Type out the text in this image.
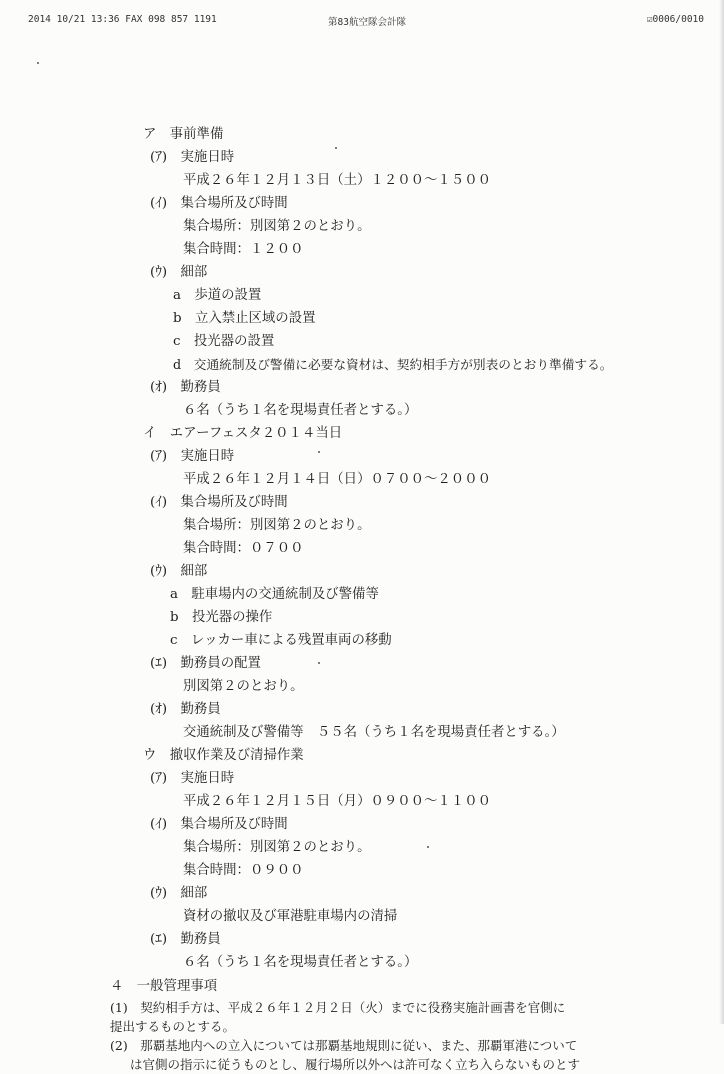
2014 10/21 13:36 FAX 098 857 1191	第83航空隊会計隊	☑0006/0010
ア　事前準備
(ｱ)　実施日時
平成２６年１２月１３日（土）１２００～１５００
(ｲ)　集合場所及び時間
集合場所：別図第２のとおり。
集合時間：１２００
(ｳ)　細部
a　歩道の設置
b　立入禁止区域の設置
c　投光器の設置
d　交通統制及び警備に必要な資材は、契約相手方が別表のとおり準備する。
(ｵ)　勤務員
６名（うち１名を現場責任者とする。）
イ　エアーフェスタ２０１４当日
(ｱ)　実施日時
平成２６年１２月１４日（日）０７００～２０００
(ｲ)　集合場所及び時間
集合場所：別図第２のとおり。
集合時間：０７００
(ｳ)　細部
a　駐車場内の交通統制及び警備等
b　投光器の操作
c　レッカー車による残置車両の移動
(ｴ)　勤務員の配置
別図第２のとおり。
(ｵ)　勤務員
交通統制及び警備等　５５名（うち１名を現場責任者とする。）
ウ　撤収作業及び清掃作業
(ｱ)　実施日時
平成２６年１２月１５日（月）０９００～１１００
(ｲ)　集合場所及び時間
集合場所：別図第２のとおり。
集合時間：０９００
(ｳ)　細部
資材の撤収及び軍港駐車場内の清掃
(ｴ)　勤務員
６名（うち１名を現場責任者とする。）
４　一般管理事項
(1)　契約相手方は、平成２６年１２月２日（火）までに役務実施計画書を官側に
提出するものとする。
(2)　那覇基地内への立入については那覇基地規則に従い、また、那覇軍港について
は官側の指示に従うものとし、履行場所以外へは許可なく立ち入らないものとす
